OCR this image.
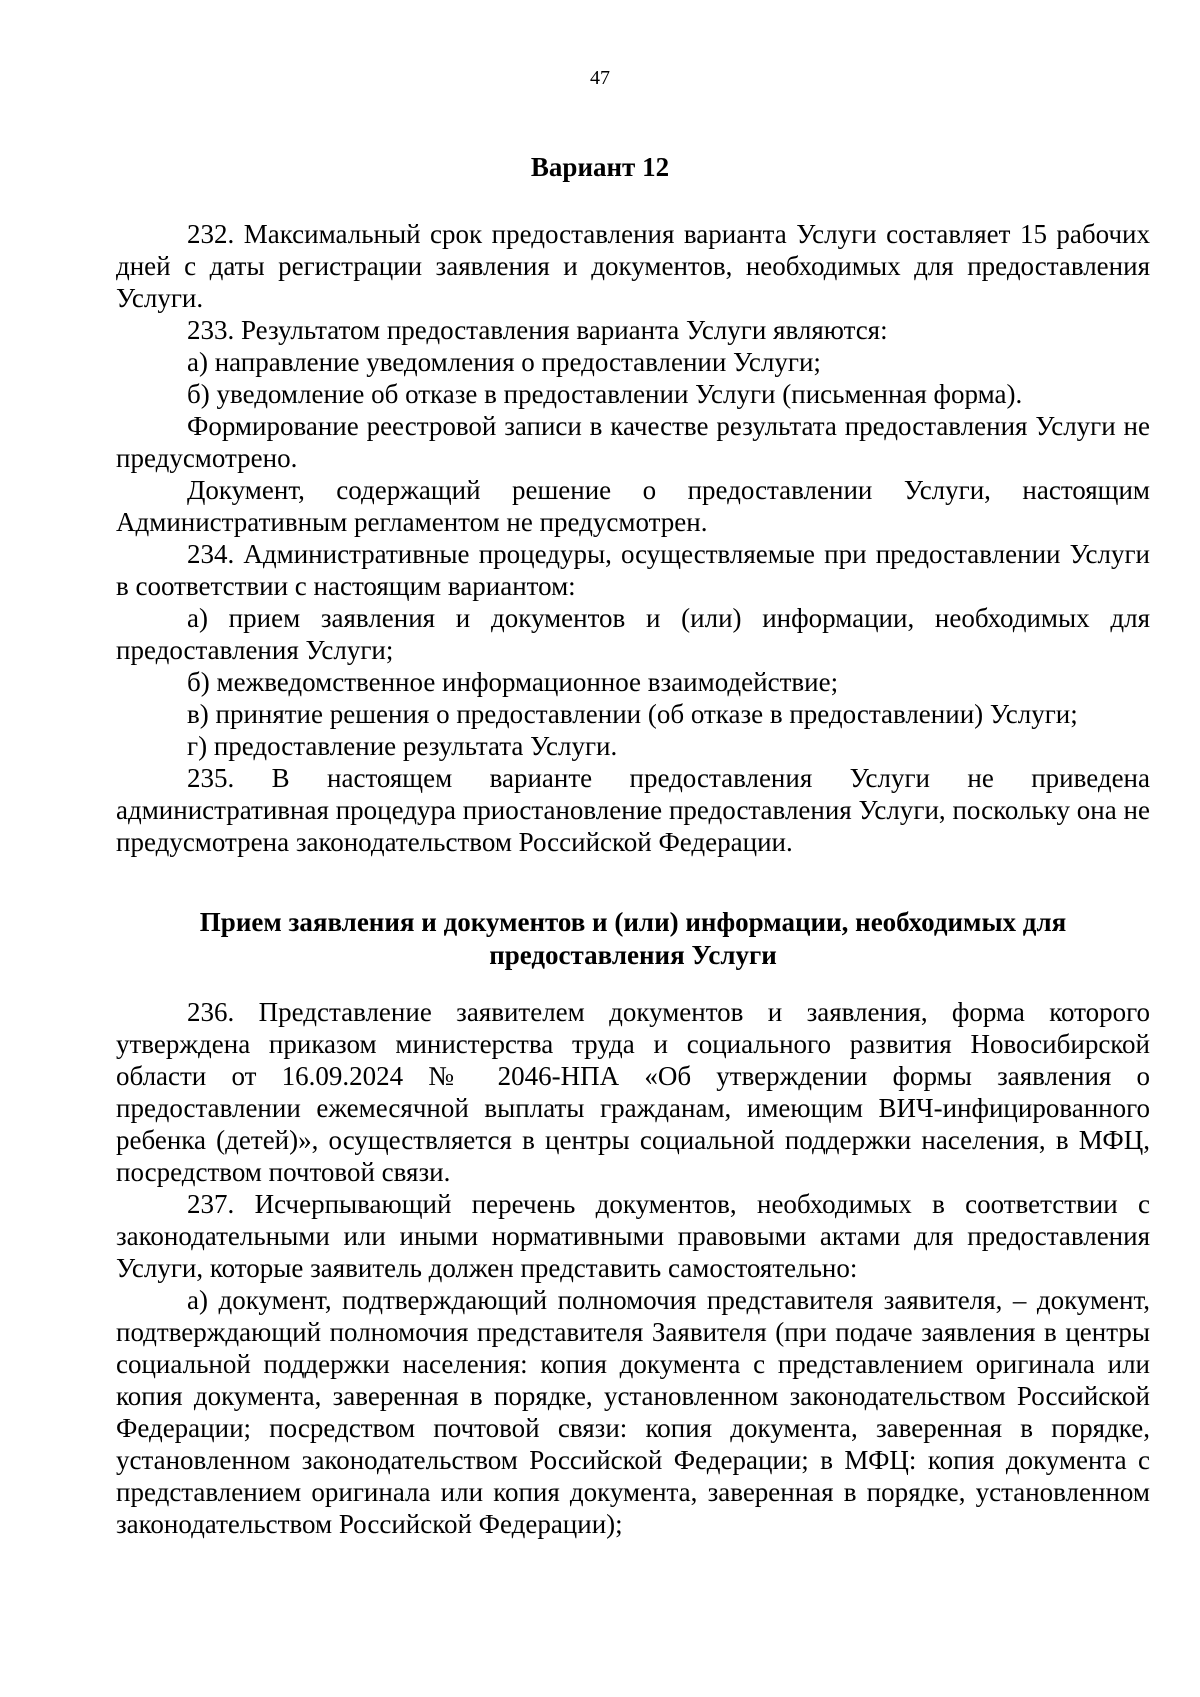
47
Вариант 12

232. Максимальный срок предоставления варианта Услуги составляет 15 рабочих дней с даты регистрации заявления и документов, необходимых для предоставления Услуги.

233. Результатом предоставления варианта Услуги являются:

а) направление уведомления о предоставлении Услуги;

б) уведомление об отказе в предоставлении Услуги (письменная форма).

Формирование реестровой записи в качестве результата предоставления Услуги не предусмотрено.

Документ, содержащий решение о предоставлении Услуги, настоящим Административным регламентом не предусмотрен.

234. Административные процедуры, осуществляемые при предоставлении Услуги в соответствии с настоящим вариантом:

а) прием заявления и документов и (или) информации, необходимых для предоставления Услуги;

б) межведомственное информационное взаимодействие;

в) принятие решения о предоставлении (об отказе в предоставлении) Услуги;

г) предоставление результата Услуги.

235. В настоящем варианте предоставления Услуги не приведена административная процедура приостановление предоставления Услуги, поскольку она не предусмотрена законодательством Российской Федерации.

Прием заявления и документов и (или) информации, необходимых для
предоставления Услуги

236. Представление заявителем документов и заявления, форма которого утверждена приказом министерства труда и социального развития Новосибирской области от 16.09.2024 № 2046-НПА «Об утверждении формы заявления о предоставлении ежемесячной выплаты гражданам, имеющим ВИЧ-инфицированного ребенка (детей)», осуществляется в центры социальной поддержки населения, в МФЦ, посредством почтовой связи.

237. Исчерпывающий перечень документов, необходимых в соответствии с законодательными или иными нормативными правовыми актами для предоставления Услуги, которые заявитель должен представить самостоятельно:

а) документ, подтверждающий полномочия представителя заявителя, – документ, подтверждающий полномочия представителя Заявителя (при подаче заявления в центры социальной поддержки населения: копия документа с представлением оригинала или копия документа, заверенная в порядке, установленном законодательством Российской Федерации; посредством почтовой связи: копия документа, заверенная в порядке, установленном законодательством Российской Федерации; в МФЦ: копия документа с представлением оригинала или копия документа, заверенная в порядке, установленном законодательством Российской Федерации);
